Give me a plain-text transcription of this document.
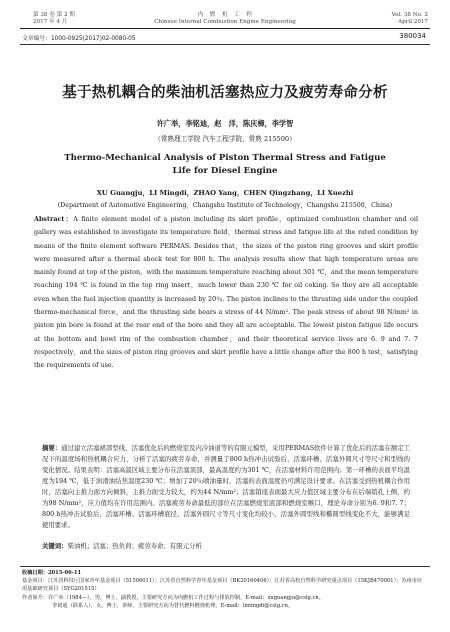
第 38 卷 第 2 期
2017 年 4 月
内　燃　机　工　程
Chinese Internal Combustion Engine Engineering
Vol. 38 No. 2
April 2017
文章编号：1000-0925(2017)02-0080-05	380034
基于热机耦合的柴油机活塞热应力及疲劳寿命分析
许广举，李铭迪，赵　洋，陈庆樟，李学智
（常熟理工学院 汽车工程学院，常熟 215500）
Thermo-Mechanical Analysis of Piston Thermal Stress and Fatigue
Life for Diesel Engine
XU Guangju，LI Mingdi，ZHAO Yang，CHEN Qingzhang，LI Xuezhi
(Department of Automotive Engineering，Changshu Institute of Technology，Changshu 215500，China)
Abstract：A finite element model of a piston including its skirt profile，optimized combustion chamber and oil gallery was established to investigate its temperature field，thermal stress and fatigue life at the rated condition by means of the finite element software PERMAS. Besides that，the sizes of the piston ring grooves and skirt profile were measured after a thermal shock test for 800 h. The analysis results show that high temperature areas are mainly found at top of the piston，with the maximum temperature reaching about 301 ℃，and the mean temperature reaching 194 ℃ is found in the top ring insert，much lower than 230 ℃ for oil coking. So they are all acceptable even when the fuel injection quantity is increased by 20％. The piston inclines to the thrusting side under the coupled thermo-mechanical force，and the thrusting side bears a stress of 44 N/mm². The peak stress of about 98 N/mm² in piston pin bore is found at the rear end of the bore and they all are acceptable. The lowest piston fatigue life occurs at the bottom and bowl rim of the combustion chamber，and their theoretical service lives are 6. 9 and 7. 7 respectively，and the sizes of piston ring grooves and skirt profile have a little change after the 800 h test，satisfying the requirements of use.
摘要：通过建立活塞裙部型线、活塞优化后的燃烧室及内冷油道等的有限元模型，采用PERMAS软件计算了优化后的活塞在额定工况下的温度场和热机耦合应力，分析了活塞的疲劳寿命，并测量了800 h热冲击试验后，活塞环槽、活塞外圆尺寸等尺寸和型线的变化情况。结果表明：活塞高温区域主要分布在活塞顶部，最高温度约为301 ℃，在活塞材料许用范围内；第一环槽的表面平均温度为194 ℃，低于润滑油结焦温度230 ℃；增加了20％喷油量时，活塞的表面温度仍可满足设计要求。在活塞受到热机耦合作用时，活塞向主推力面方向倾斜，主推力面受力较大，约为44 N/mm²；活塞销座表面最大应力值区域主要分布在后端销孔上侧，约为98 N/mm²，应力值均在许用范围内。活塞疲劳寿命最低的部位在活塞燃烧室底部和燃烧室喉口，理论寿命分别为6. 9和7. 7；800 h热冲击试验后，活塞环槽、活塞环槽底径、活塞外圆尺寸等尺寸变化均较小，活塞外圆型线和椭圆型线变化不大，能够满足使用要求。
关键词：柴油机；活塞；热负荷；疲劳寿命；有限元分析
收稿日期：2015-06-11
基金项目：江苏省科技厅国家青年基金项目（51506011）；江苏省自然科学青年基金项目（BK20160406）；江苏省高校自然科学研究重点项目（15KJB470001）；苏州市应用基础研究项目（SYG201515）
作者简介：许广举（1984—），男，博士，副教授，主要研究方向为内燃机工作过程与排放控制，E-mail：xuguangju@cslg.cn。
李铭迪（联系人），女，博士，讲师，主要研究方向为替代燃料燃烧机理，E-mail：limingdi@cslg.cn。
